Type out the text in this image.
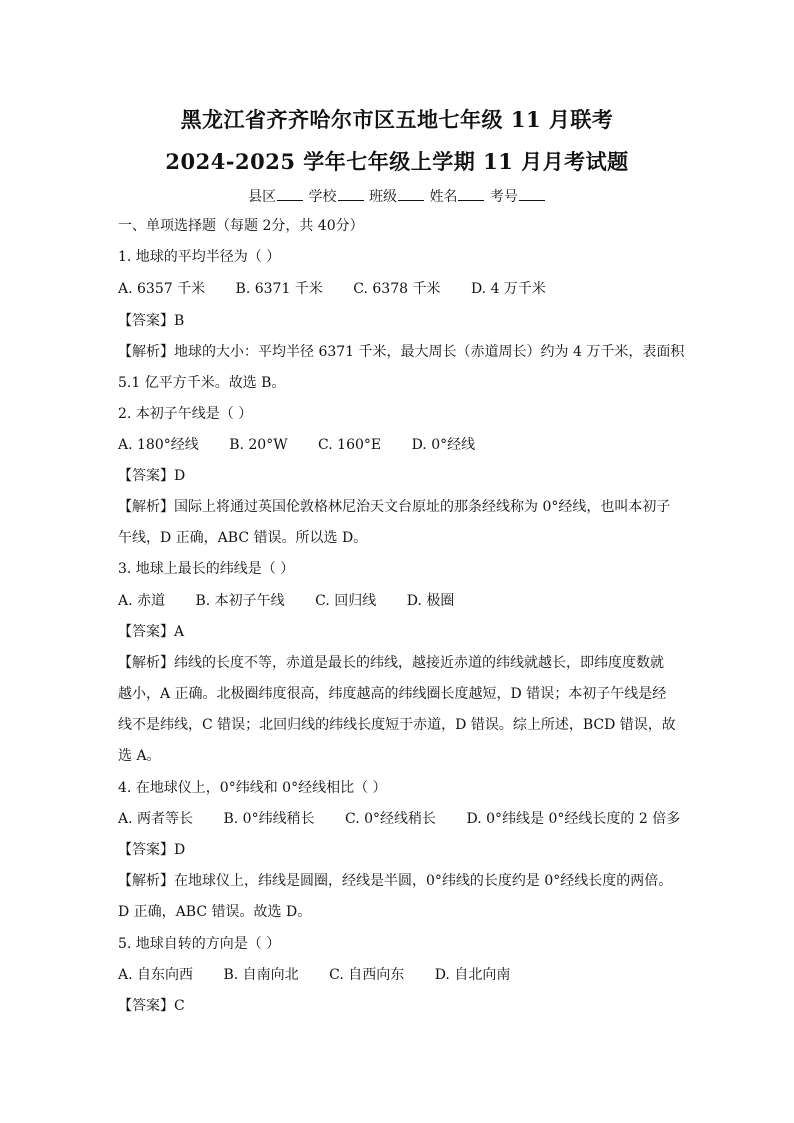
黑龙江省齐齐哈尔市区五地七年级 11 月联考
2024-2025 学年七年级上学期 11 月月考试题
县区 学校 班级 姓名 考号
一、单项选择题（每题 2分，共 40分）
1. 地球的平均半径为（ ）
A. 6357 千米 B. 6371 千米 C. 6378 千米 D. 4 万千米
【答案】B
【解析】地球的大小：平均半径 6371 千米，最大周长（赤道周长）约为 4 万千米，表面积
5.1 亿平方千米。故选 B。
2. 本初子午线是（ ）
A. 180°经线 B. 20°W C. 160°E D. 0°经线
【答案】D
【解析】国际上将通过英国伦敦格林尼治天文台原址的那条经线称为 0°经线，也叫本初子
午线，D 正确，ABC 错误。所以选 D。
3. 地球上最长的纬线是（ ）
A. 赤道 B. 本初子午线 C. 回归线 D. 极圈
【答案】A
【解析】纬线的长度不等，赤道是最长的纬线，越接近赤道的纬线就越长，即纬度度数就
越小，A 正确。北极圈纬度很高，纬度越高的纬线圈长度越短，D 错误；本初子午线是经
线不是纬线，C 错误；北回归线的纬线长度短于赤道，D 错误。综上所述，BCD 错误，故
选 A。
4. 在地球仪上，0°纬线和 0°经线相比（ ）
A. 两者等长 B. 0°纬线稍长 C. 0°经线稍长 D. 0°纬线是 0°经线长度的 2 倍多
【答案】D
【解析】在地球仪上，纬线是圆圈，经线是半圆，0°纬线的长度约是 0°经线长度的两倍。
D 正确，ABC 错误。故选 D。
5. 地球自转的方向是（ ）
A. 自东向西 B. 自南向北 C. 自西向东 D. 自北向南
【答案】C
